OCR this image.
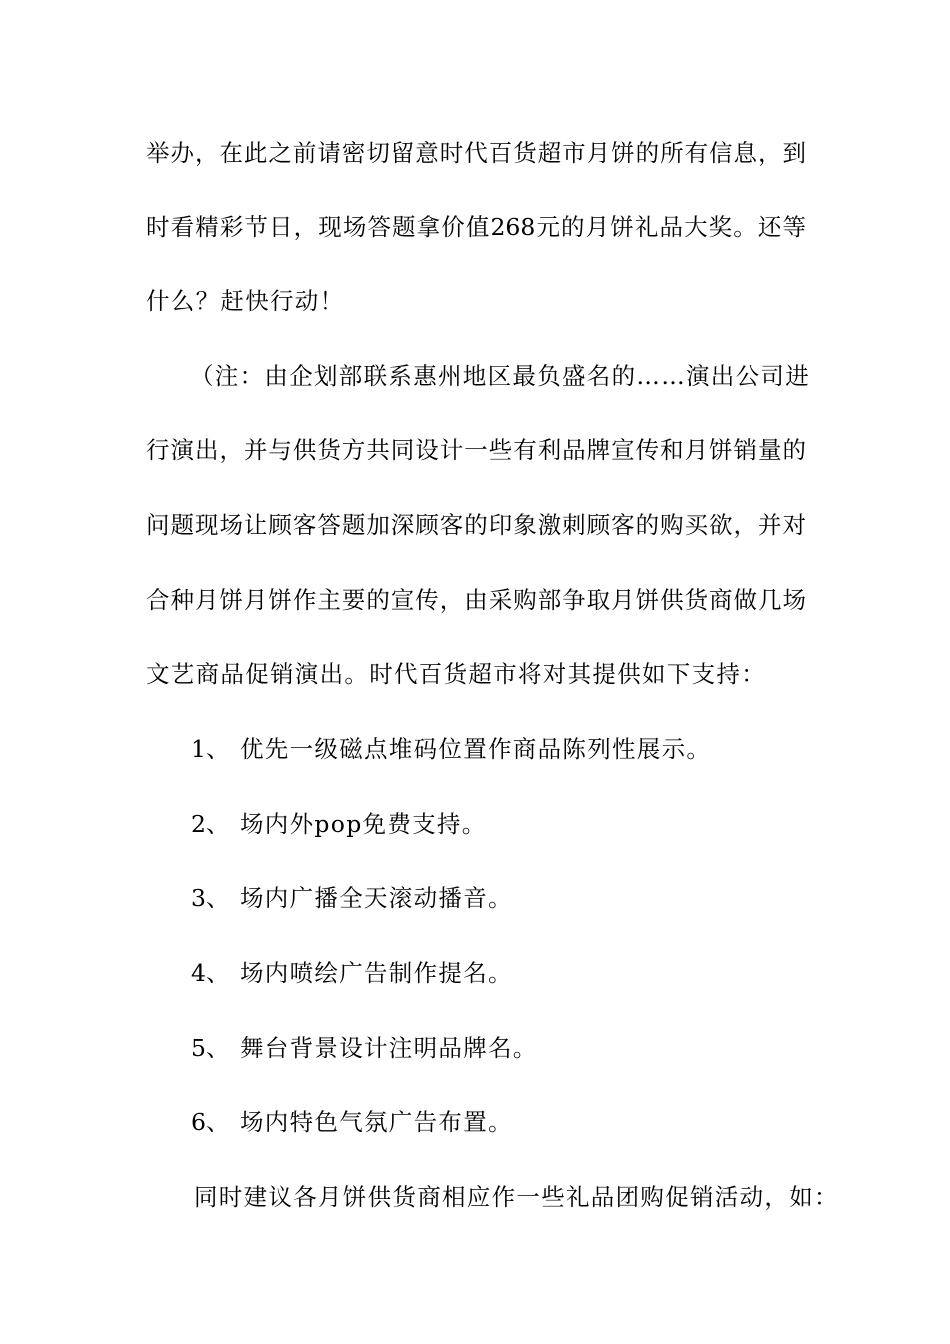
举办，在此之前请密切留意时代百货超市月饼的所有信息，到

时看精彩节日，现场答题拿价值268元的月饼礼品大奖。还等

什么？赶快行动！

（注：由企划部联系惠州地区最负盛名的……演出公司进

行演出，并与供货方共同设计一些有利品牌宣传和月饼销量的

问题现场让顾客答题加深顾客的印象激刺顾客的购买欲，并对

合种月饼月饼作主要的宣传，由采购部争取月饼供货商做几场

文艺商品促销演出。时代百货超市将对其提供如下支持：

1、 优先一级磁点堆码位置作商品陈列性展示。
2、 场内外pop免费支持。
3、 场内广播全天滚动播音。
4、 场内喷绘广告制作提名。
5、 舞台背景设计注明品牌名。
6、 场内特色气氛广告布置。

同时建议各月饼供货商相应作一些礼品团购促销活动，如：
